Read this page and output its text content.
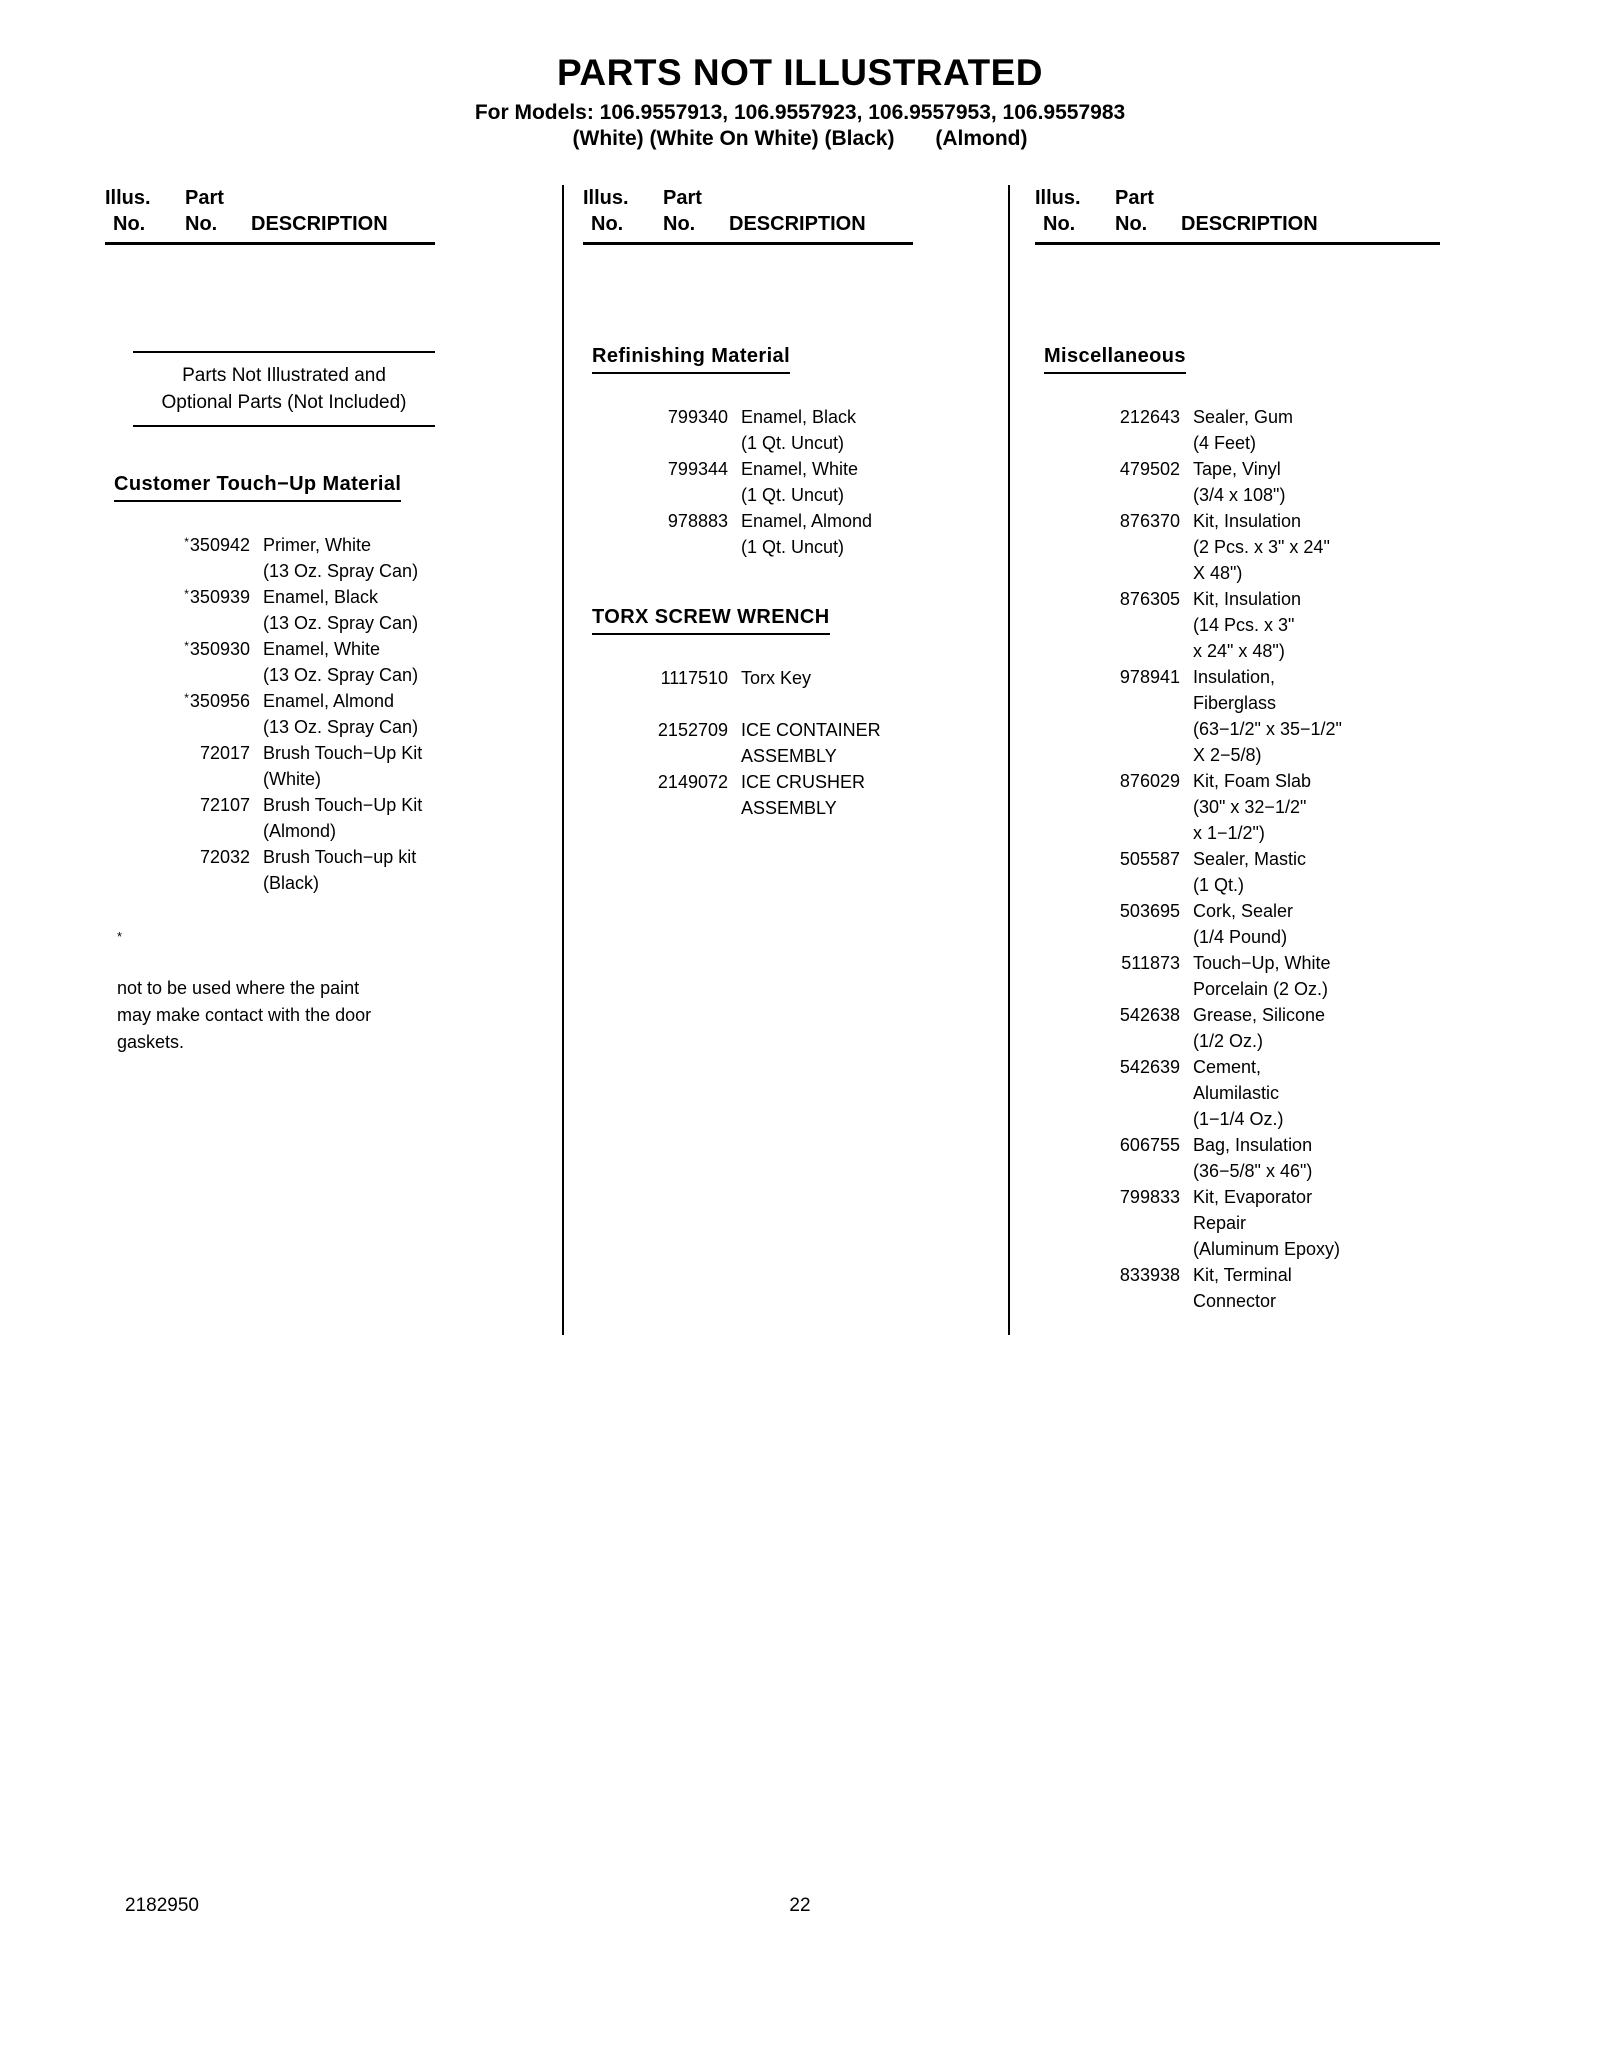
PARTS NOT ILLUSTRATED
For Models: 106.9557913, 106.9557923, 106.9557953, 106.9557983
(White) (White On White) (Black)       (Almond)
Illus. Part
No. No. DESCRIPTION
Parts Not Illustrated and
Optional Parts (Not Included)
Customer Touch−Up Material
*350942 Primer, White
(13 Oz. Spray Can)
*350939 Enamel, Black
(13 Oz. Spray Can)
*350930 Enamel, White
(13 Oz. Spray Can)
*350956 Enamel, Almond
(13 Oz. Spray Can)
72017 Brush Touch−Up Kit
(White)
72107 Brush Touch−Up Kit
(Almond)
72032 Brush Touch−up kit
(Black)
*
not to be used where the paint
may make contact with the door
gaskets.
Illus. Part
No. No. DESCRIPTION
Refinishing Material
799340 Enamel, Black
(1 Qt. Uncut)
799344 Enamel, White
(1 Qt. Uncut)
978883 Enamel, Almond
(1 Qt. Uncut)
TORX SCREW WRENCH
1117510 Torx Key
2152709 ICE CONTAINER
ASSEMBLY
2149072 ICE CRUSHER
ASSEMBLY
Illus. Part
No. No. DESCRIPTION
Miscellaneous
212643 Sealer, Gum
(4 Feet)
479502 Tape, Vinyl
(3/4 x 108")
876370 Kit, Insulation
(2 Pcs. x 3" x 24"
X 48")
876305 Kit, Insulation
(14 Pcs. x 3"
x 24" x 48")
978941 Insulation,
Fiberglass
(63−1/2" x 35−1/2"
X 2−5/8)
876029 Kit, Foam Slab
(30" x 32−1/2"
x 1−1/2")
505587 Sealer, Mastic
(1 Qt.)
503695 Cork, Sealer
(1/4 Pound)
511873 Touch−Up, White
Porcelain (2 Oz.)
542638 Grease, Silicone
(1/2 Oz.)
542639 Cement,
Alumilastic
(1−1/4 Oz.)
606755 Bag, Insulation
(36−5/8" x 46")
799833 Kit, Evaporator
Repair
(Aluminum Epoxy)
833938 Kit, Terminal
Connector
2182950	22
